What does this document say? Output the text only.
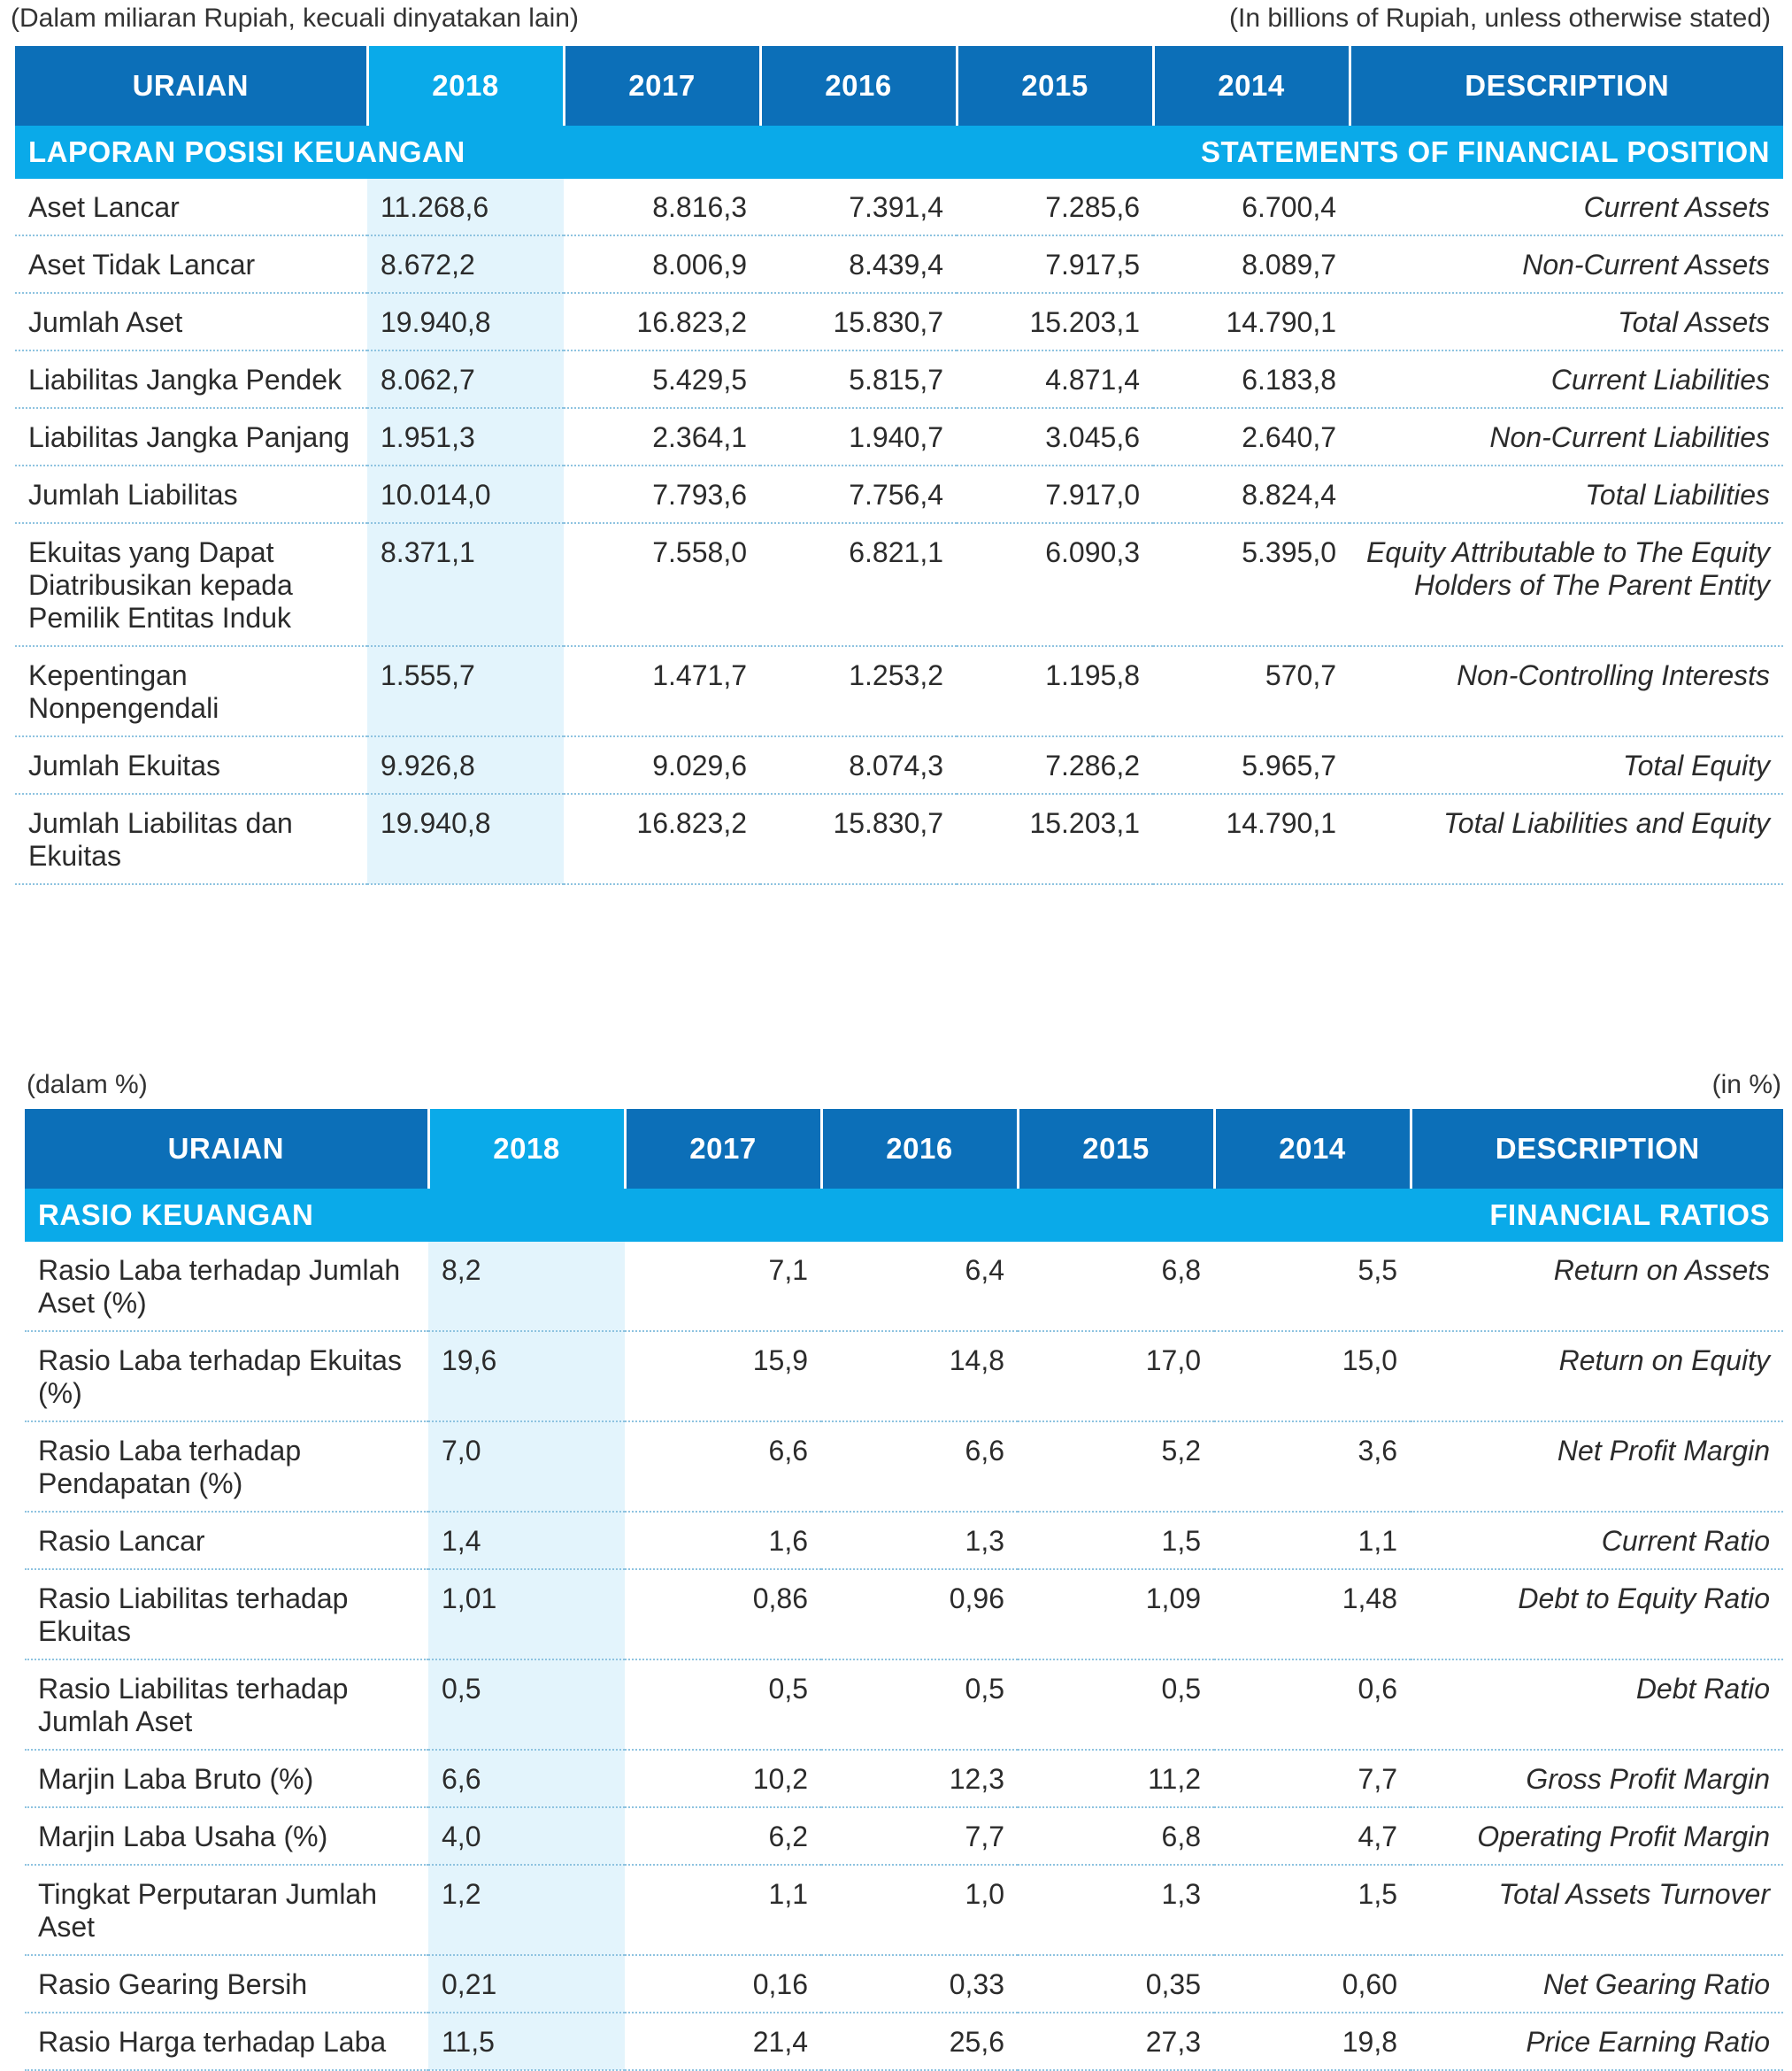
(Dalam miliaran Rupiah, kecuali dinyatakan lain)	(In billions of Rupiah, unless otherwise stated)
URAIAN	2018	2017	2016	2015	2014	DESCRIPTION
LAPORAN POSISI KEUANGAN		STATEMENTS OF FINANCIAL POSITION				

Aset Lancar	11.268,6	8.816,3	7.391,4	7.285,6	6.700,4	Current Assets

Aset Tidak Lancar	8.672,2	8.006,9	8.439,4	7.917,5	8.089,7	Non-Current Assets

Jumlah Aset	19.940,8	16.823,2	15.830,7	15.203,1	14.790,1	Total Assets

Liabilitas Jangka Pendek	8.062,7	5.429,5	5.815,7	4.871,4	6.183,8	Current Liabilities

Liabilitas Jangka Panjang	1.951,3	2.364,1	1.940,7	3.045,6	2.640,7	Non-Current Liabilities

Jumlah Liabilitas	10.014,0	7.793,6	7.756,4	7.917,0	8.824,4	Total Liabilities

Ekuitas yang Dapat Diatribusikan kepada Pemilik Entitas Induk	8.371,1	7.558,0	6.821,1	6.090,3	5.395,0	Equity Attributable to The Equity Holders of The Parent Entity

Kepentingan Nonpengendali	1.555,7	1.471,7	1.253,2	1.195,8	570,7	Non-Controlling Interests

Jumlah Ekuitas	9.926,8	9.029,6	8.074,3	7.286,2	5.965,7	Total Equity

Jumlah Liabilitas dan Ekuitas	19.940,8	16.823,2	15.830,7	15.203,1	14.790,1	Total Liabilities and Equity
(dalam %)	(in %)
URAIAN	2018	2017	2016	2015	2014	DESCRIPTION
RASIO KEUANGAN		FINANCIAL RATIOS				

Rasio Laba terhadap Jumlah Aset (%)	8,2	7,1	6,4	6,8	5,5	Return on Assets

Rasio Laba terhadap Ekuitas (%)	19,6	15,9	14,8	17,0	15,0	Return on Equity

Rasio Laba terhadap Pendapatan (%)	7,0	6,6	6,6	5,2	3,6	Net Profit Margin

Rasio Lancar	1,4	1,6	1,3	1,5	1,1	Current Ratio

Rasio Liabilitas terhadap Ekuitas	1,01	0,86	0,96	1,09	1,48	Debt to Equity Ratio

Rasio Liabilitas terhadap Jumlah Aset	0,5	0,5	0,5	0,5	0,6	Debt Ratio

Marjin Laba Bruto (%)	6,6	10,2	12,3	11,2	7,7	Gross Profit Margin

Marjin Laba Usaha (%)	4,0	6,2	7,7	6,8	4,7	Operating Profit Margin

Tingkat Perputaran Jumlah Aset	1,2	1,1	1,0	1,3	1,5	Total Assets Turnover

Rasio Gearing Bersih	0,21	0,16	0,33	0,35	0,60	Net Gearing Ratio

Rasio Harga terhadap Laba	11,5	21,4	25,6	27,3	19,8	Price Earning Ratio
